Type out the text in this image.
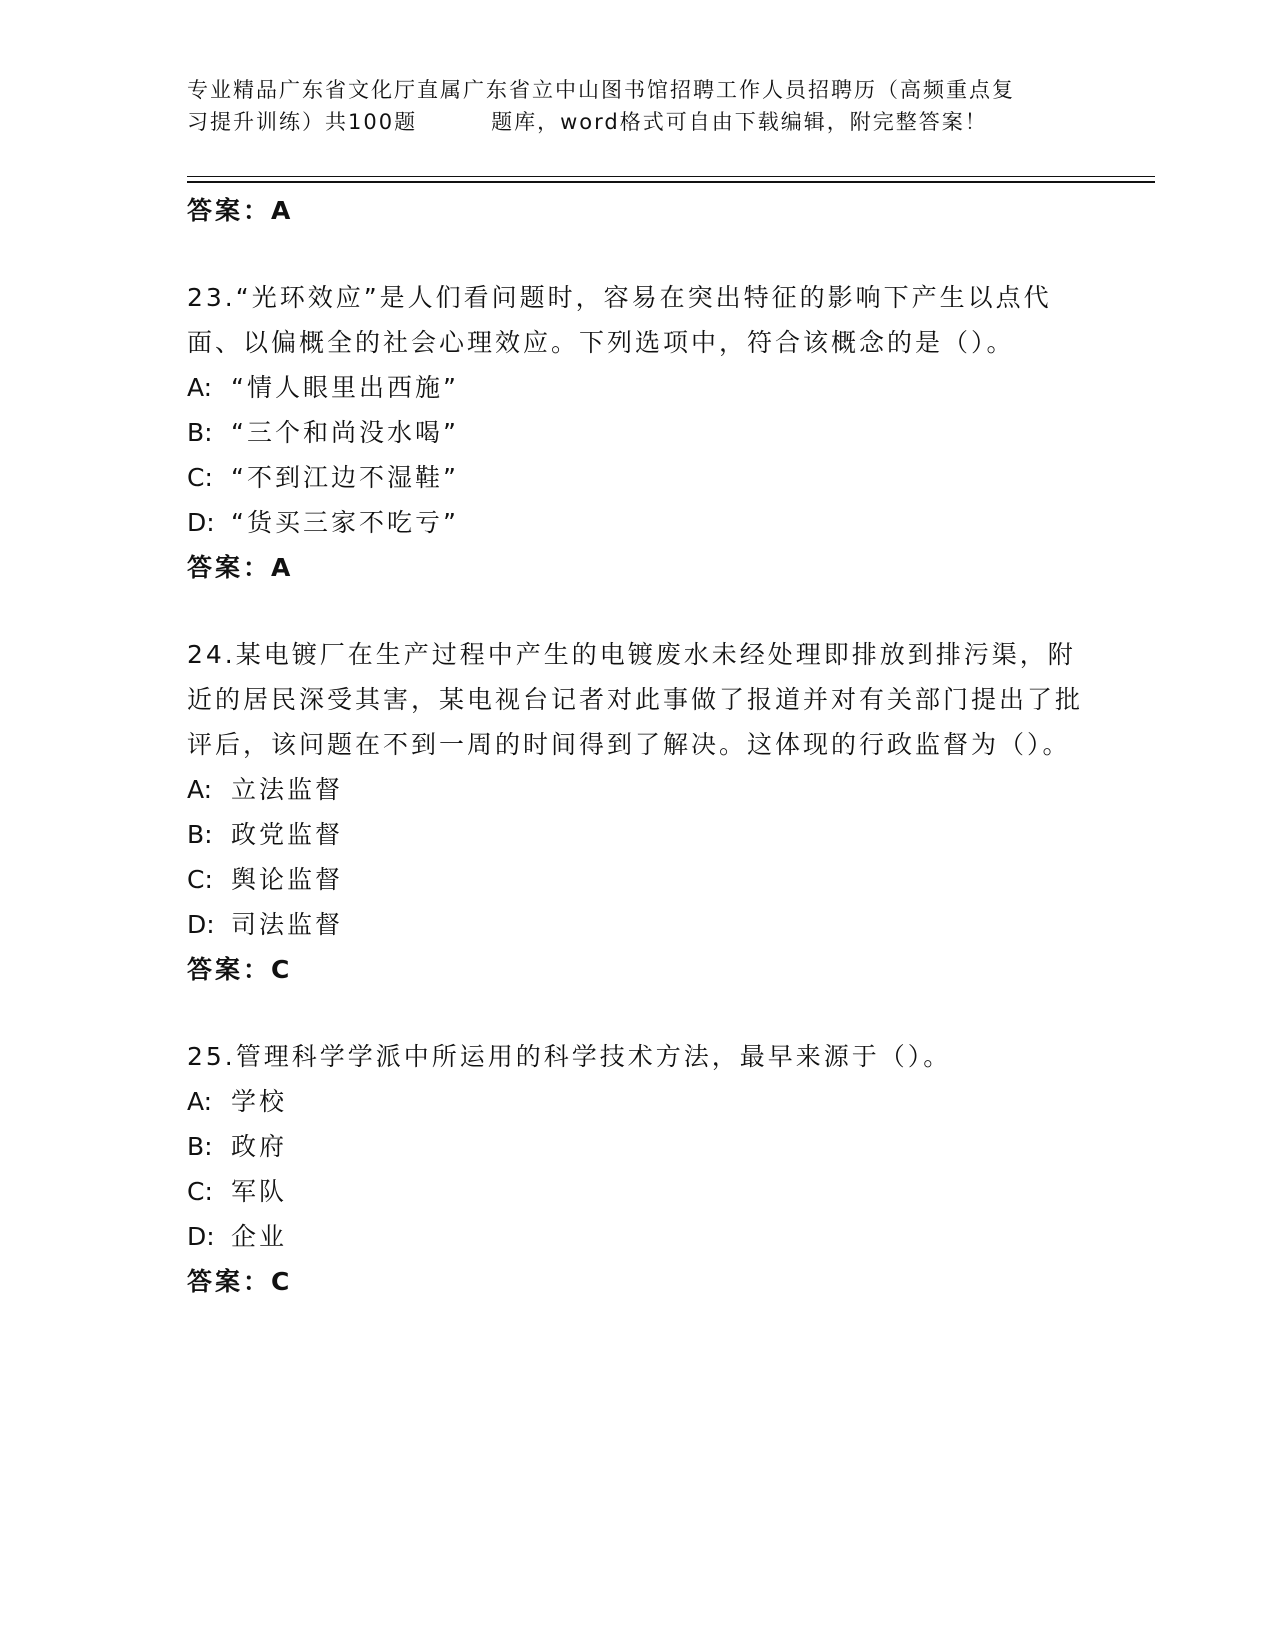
专业精品广东省文化厅直属广东省立中山图书馆招聘工作人员招聘历（高频重点复
习提升训练）共100题	题库，word格式可自由下载编辑，附完整答案！
答案：A
23.“光环效应”是人们看问题时，容易在突出特征的影响下产生以点代面、以偏概全的社会心理效应。下列选项中，符合该概念的是（）。
A: “情人眼里出西施”
B: “三个和尚没水喝”
C: “不到江边不湿鞋”
D: “货买三家不吃亏”
答案：A
24.某电镀厂在生产过程中产生的电镀废水未经处理即排放到排污渠，附近的居民深受其害，某电视台记者对此事做了报道并对有关部门提出了批评后，该问题在不到一周的时间得到了解决。这体现的行政监督为（）。
A: 立法监督
B: 政党监督
C: 舆论监督
D: 司法监督
答案：C
25.管理科学学派中所运用的科学技术方法，最早来源于（）。
A: 学校
B: 政府
C: 军队
D: 企业
答案：C
